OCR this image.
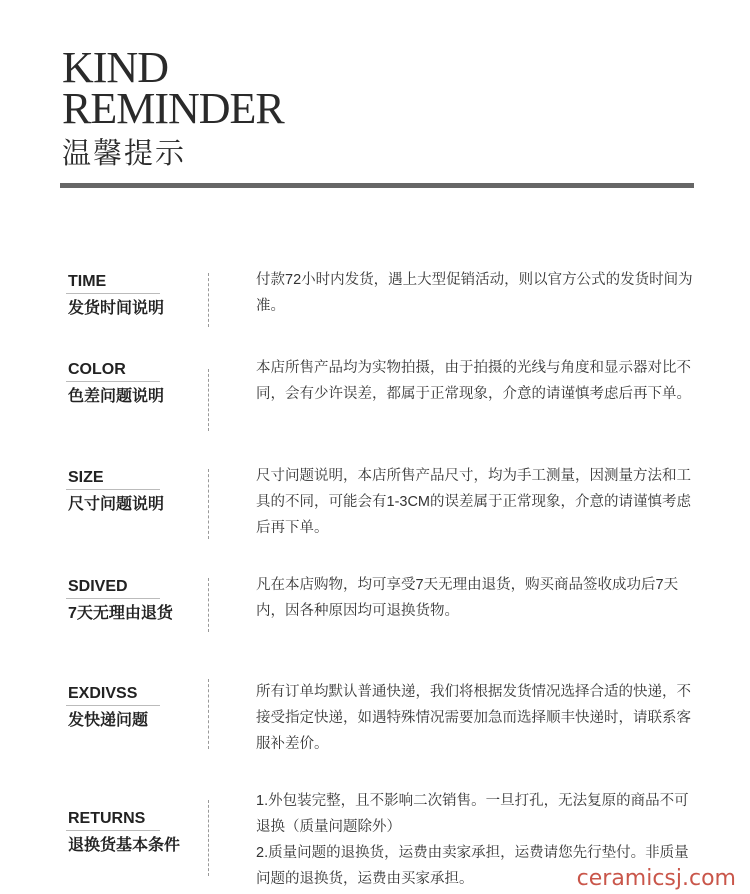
KIND
REMINDER
温馨提示
TIME
发货时间说明

付款72小时内发货，遇上大型促销活动，则以官方公式的发货时间为准。

COLOR
色差问题说明

本店所售产品均为实物拍摄，由于拍摄的光线与角度和显示器对比不同，会有少许误差，都属于正常现象，介意的请谨慎考虑后再下单。

SIZE
尺寸问题说明

尺寸问题说明，本店所售产品尺寸，均为手工测量，因测量方法和工具的不同，可能会有1-3CM的误差属于正常现象，介意的请谨慎考虑后再下单。

SDIVED
7天无理由退货

凡在本店购物，均可享受7天无理由退货，购买商品签收成功后7天内，因各种原因均可退换货物。

EXDIVSS
发快递问题

所有订单均默认普通快递，我们将根据发货情况选择合适的快递，不接受指定快递，如遇特殊情况需要加急而选择顺丰快递时，请联系客服补差价。

RETURNS
退换货基本条件

1.外包装完整，且不影响二次销售。一旦打孔，无法复原的商品不可退换（质量问题除外）

2.质量问题的退换货，运费由卖家承担，运费请您先行垫付。非质量问题的退换货，运费由买家承担。	ceramicsj.com
